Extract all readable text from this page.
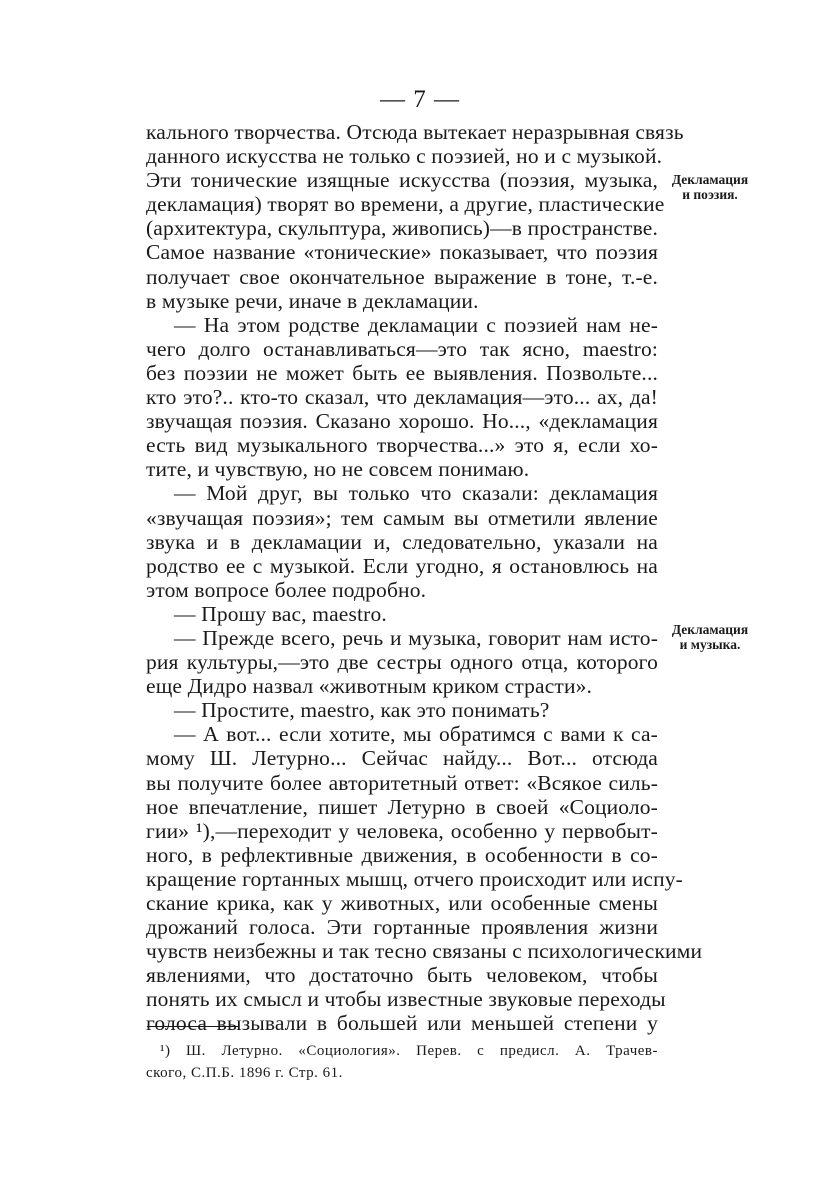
— 7 —
кального творчества. Отсюда вытекает неразрывная связь
данного искусства не только с поэзией, но и с музыкой.
Эти тонические изящные искусства (поэзия, музыка,
декламация) творят во времени, а другие, пластические
(архитектура, скульптура, живопись)—в пространстве.
Самое название «тонические» показывает, что поэзия
получает свое окончательное выражение в тоне, т.-е.
в музыке речи, иначе в декламации.
— На этом родстве декламации с поэзией нам не-
чего долго останавливаться—это так ясно, maestro:
без поэзии не может быть ее выявления. Позвольте...
кто это?.. кто-то сказал, что декламация—это... ах, да!
звучащая поэзия. Сказано хорошо. Но..., «декламация
есть вид музыкального творчества...» это я, если хо-
тите, и чувствую, но не совсем понимаю.
— Мой друг, вы только что сказали: декламация
«звучащая поэзия»; тем самым вы отметили явление
звука и в декламации и, следовательно, указали на
родство ее с музыкой. Если угодно, я остановлюсь на
этом вопросе более подробно.
— Прошу вас, maestro.
— Прежде всего, речь и музыка, говорит нам исто-
рия культуры,—это две сестры одного отца, которого
еще Дидро назвал «животным криком страсти».
— Простите, maestro, как это понимать?
— А вот... если хотите, мы обратимся с вами к са-
мому Ш. Летурно... Сейчас найду... Вот... отсюда
вы получите более авторитетный ответ: «Всякое силь-
ное впечатление, пишет Летурно в своей «Социоло-
гии» ¹),—переходит у человека, особенно у первобыт-
ного, в рефлективные движения, в особенности в со-
кращение гортанных мышц, отчего происходит или испу-
скание крика, как у животных, или особенные смены
дрожаний голоса. Эти гортанные проявления жизни
чувств неизбежны и так тесно связаны с психологическими
явлениями, что достаточно быть человеком, чтобы
понять их смысл и чтобы известные звуковые переходы
голоса вызывали в большей или меньшей степени у
Декламация
и поэзия.
Декламация
и музыка.
¹) Ш. Летурно. «Социология». Перев. с предисл. А. Трачев-
ского, С.П.Б. 1896 г. Стр. 61.
